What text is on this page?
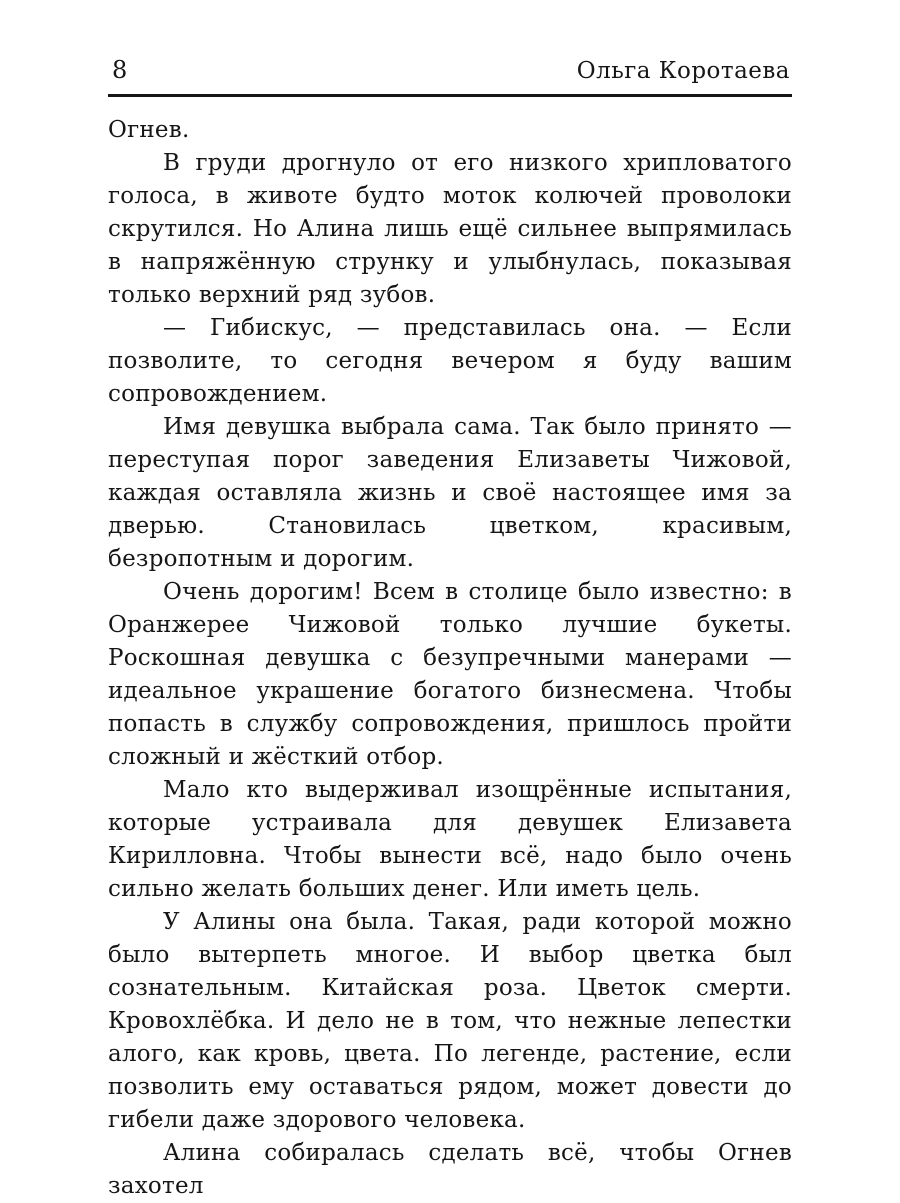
8	Ольга Коротаева

Огнев.

В груди дрогнуло от его низкого хрипловатого голоса, в животе будто моток колючей проволоки скрутился. Но Алина лишь ещё сильнее выпрямилась в напряжённую струнку и улыбнулась, показывая только верхний ряд зубов.

— Гибискус, — представилась она. — Если позволите, то сегодня вечером я буду вашим сопровождением.

Имя девушка выбрала сама. Так было принято — переступая порог заведения Елизаветы Чижовой, каждая оставляла жизнь и своё настоящее имя за дверью. Становилась цветком, красивым, безропотным и дорогим.

Очень дорогим! Всем в столице было известно: в Оранжерее Чижовой только лучшие букеты. Роскошная девушка с безупречными манерами — идеальное украшение богатого бизнесмена. Чтобы попасть в службу сопровождения, пришлось пройти сложный и жёсткий отбор.

Мало кто выдерживал изощрённые испытания, которые устраивала для девушек Елизавета Кирилловна. Чтобы вынести всё, надо было очень сильно желать больших денег. Или иметь цель.

У Алины она была. Такая, ради которой можно было вытерпеть многое. И выбор цветка был сознательным. Китайская роза. Цветок смерти. Кровохлёбка. И дело не в том, что нежные лепестки алого, как кровь, цвета. По легенде, растение, если позволить ему оставаться рядом, может довести до гибели даже здорового человека.

Алина собиралась сделать всё, чтобы Огнев захотел
